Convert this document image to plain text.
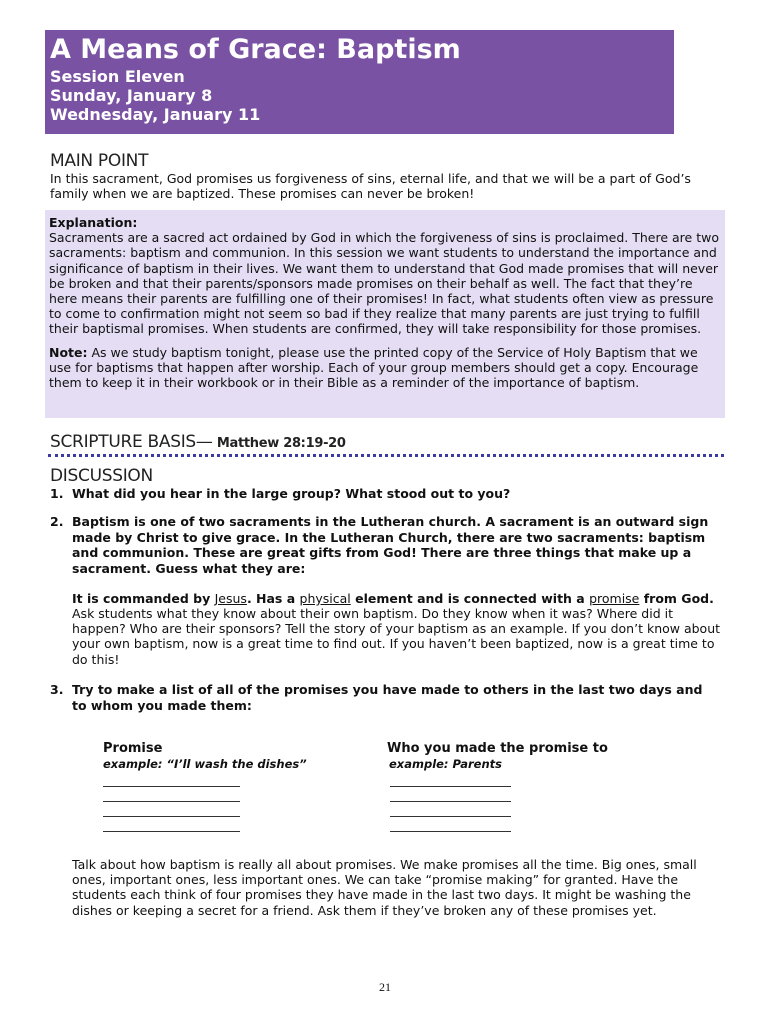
A Means of Grace: Baptism
Session Eleven
Sunday, January 8
Wednesday, January 11
MAIN POINT
In this sacrament, God promises us forgiveness of sins, eternal life, and that we will be a part of God’s family when we are baptized. These promises can never be broken!

Explanation:

Sacraments are a sacred act ordained by God in which the forgiveness of sins is proclaimed. There are two sacraments: baptism and communion. In this session we want students to understand the importance and significance of baptism in their lives. We want them to understand that God made promises that will never be broken and that their parents/sponsors made promises on their behalf as well. The fact that they’re here means their parents are fulfilling one of their promises! In fact, what students often view as pressure to come to confirmation might not seem so bad if they realize that many parents are just trying to fulfill their baptismal promises. When students are confirmed, they will take responsibility for those promises.

Note: As we study baptism tonight, please use the printed copy of the Service of Holy Baptism that we use for baptisms that happen after worship. Each of your group members should get a copy. Encourage them to keep it in their workbook or in their Bible as a reminder of the importance of baptism.

SCRIPTURE BASIS— Matthew 28:19-20
DISCUSSION
1. What did you hear in the large group? What stood out to you?
2. Baptism is one of two sacraments in the Lutheran church. A sacrament is an outward sign made by Christ to give grace. In the Lutheran Church, there are two sacraments: baptism and communion. These are great gifts from God! There are three things that make up a sacrament. Guess what they are:
It is commanded by Jesus. Has a physical element and is connected with a promise from God.
Ask students what they know about their own baptism. Do they know when it was? Where did it happen? Who are their sponsors? Tell the story of your baptism as an example. If you don’t know about your own baptism, now is a great time to find out. If you haven’t been baptized, now is a great time to do this!
3. Try to make a list of all of the promises you have made to others in the last two days and to whom you made them:
Promise
example: “I’ll wash the dishes”
Who you made the promise to
example: Parents
Talk about how baptism is really all about promises. We make promises all the time. Big ones, small ones, important ones, less important ones. We can take “promise making” for granted. Have the students each think of four promises they have made in the last two days. It might be washing the dishes or keeping a secret for a friend. Ask them if they’ve broken any of these promises yet.
21
